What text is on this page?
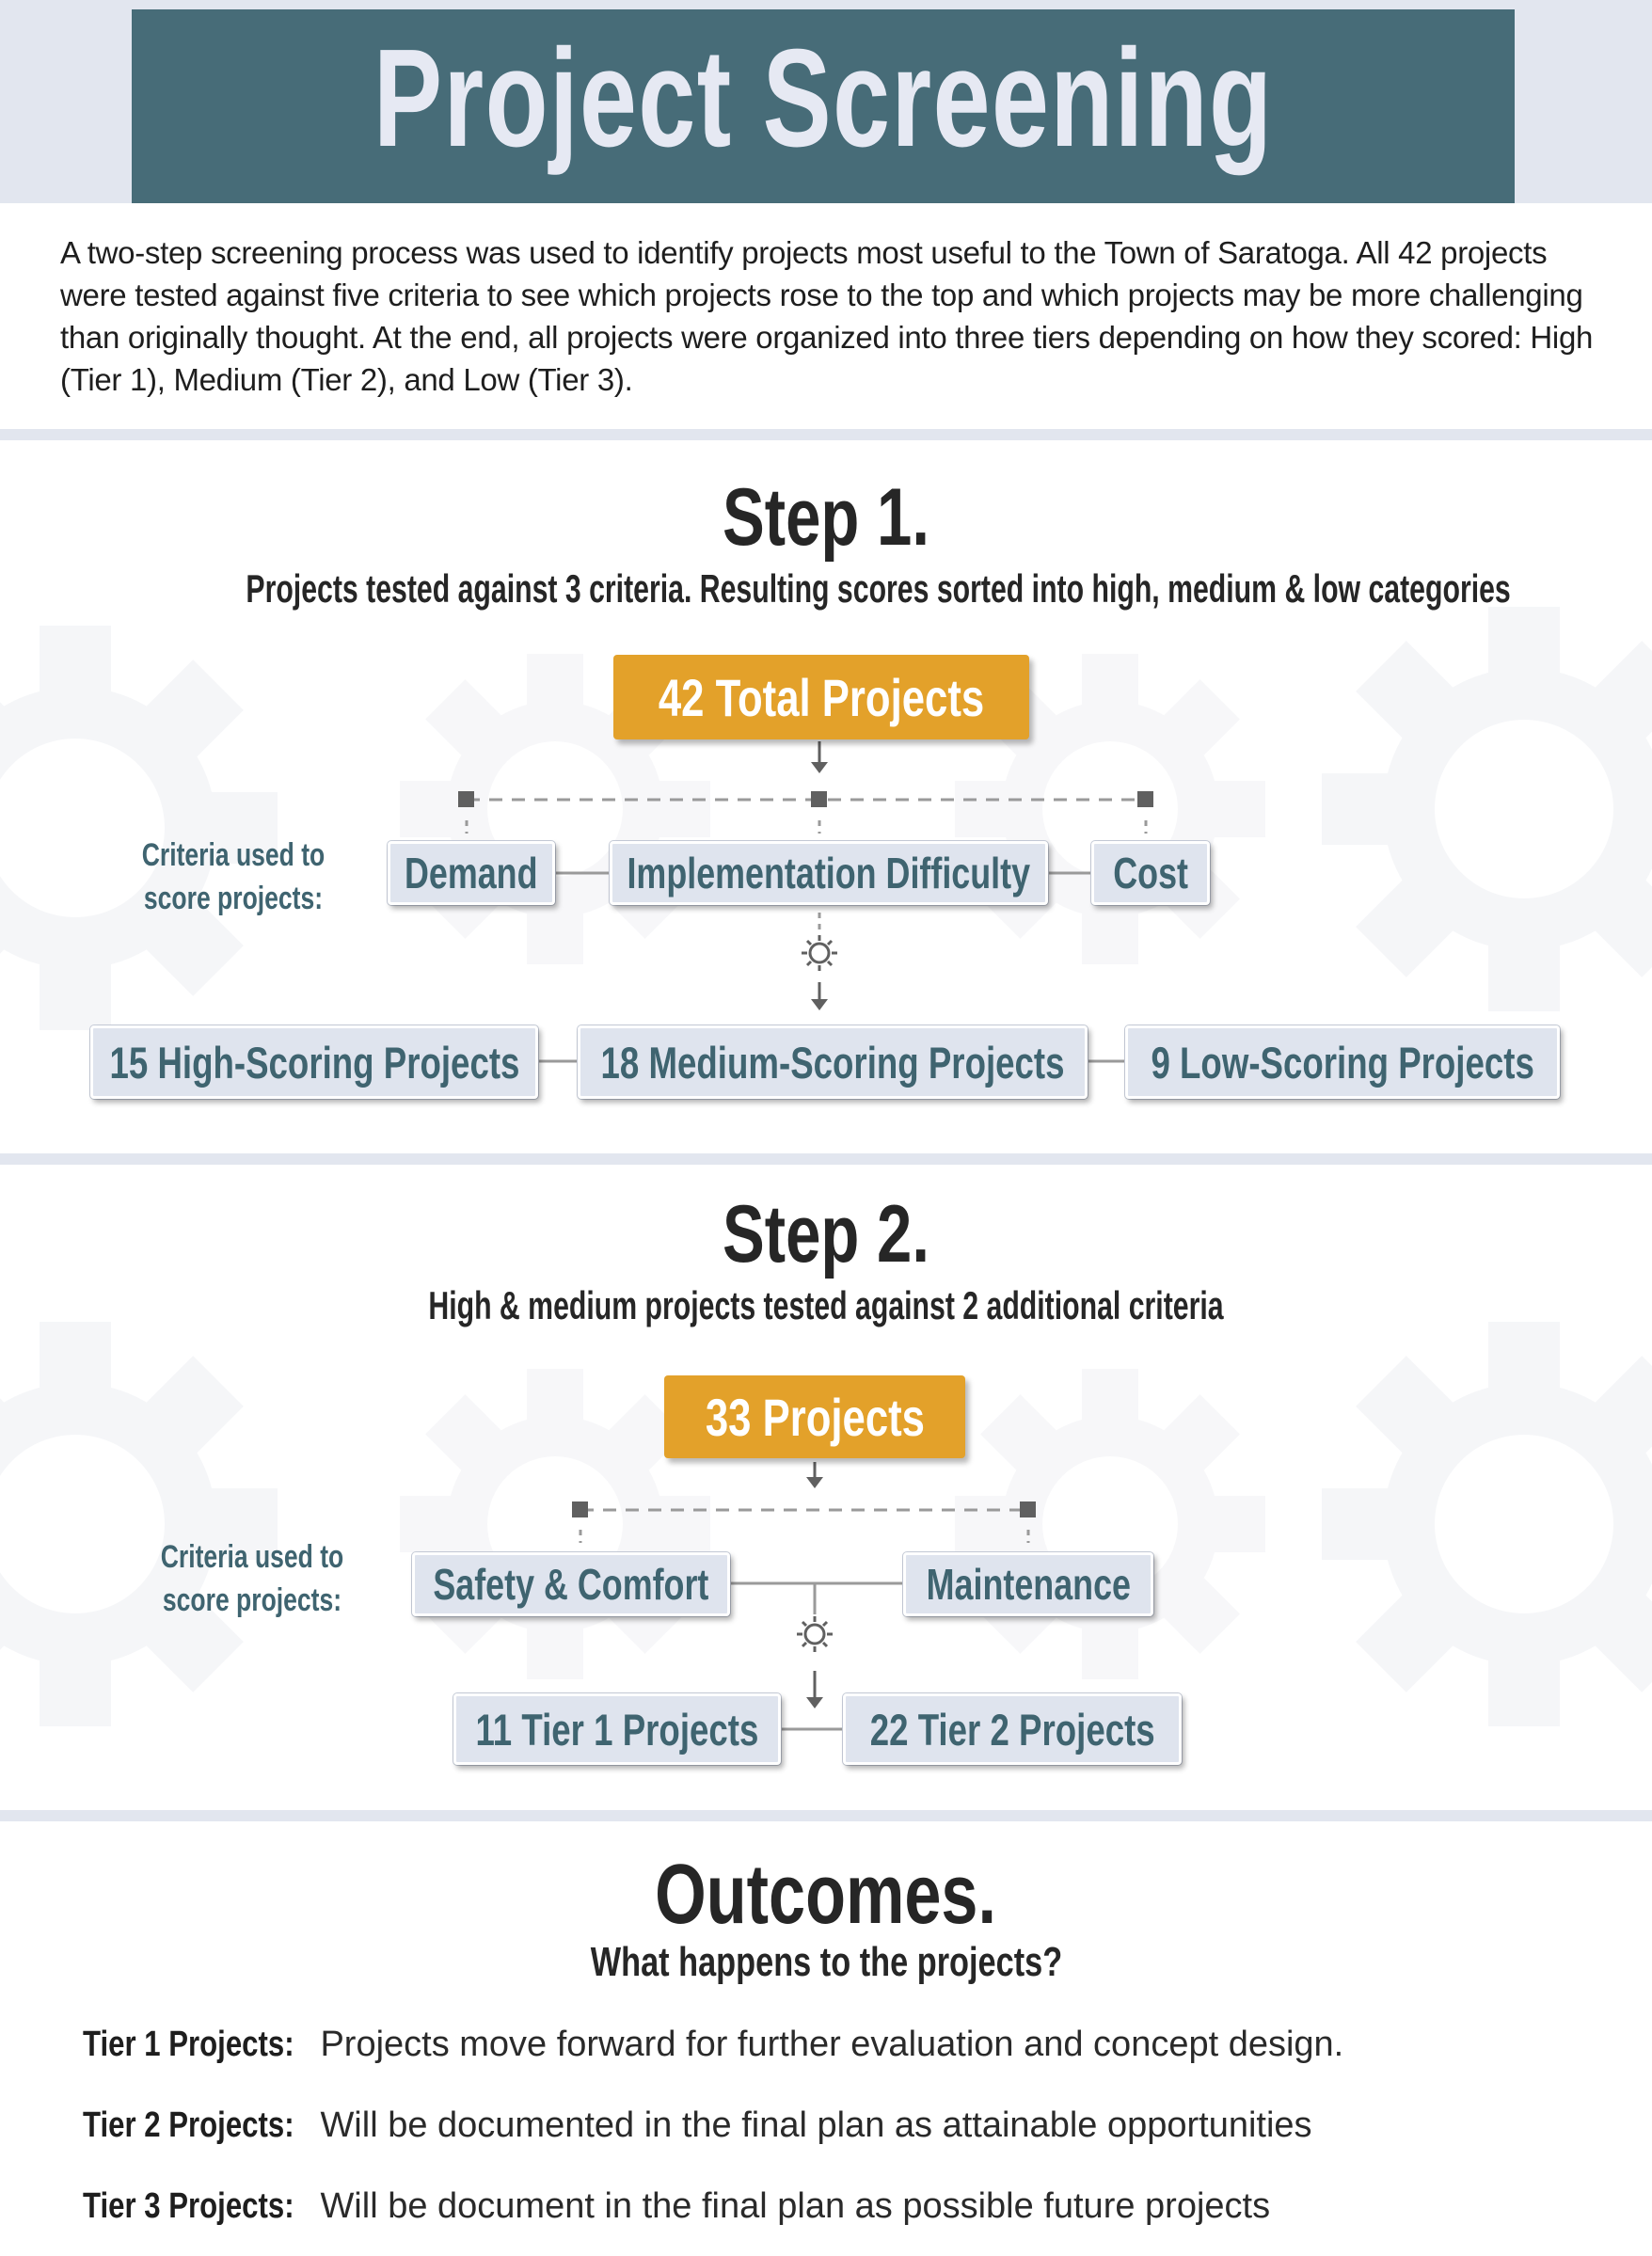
Project Screening

A two-step screening process was used to identify projects most useful to the Town of Saratoga. All 42 projects were tested against five criteria to see which projects rose to the top and which projects may be more challenging than originally thought. At the end, all projects were organized into three tiers depending on how they scored: High (Tier 1), Medium (Tier 2), and Low (Tier 3).

Step 1.
Projects tested against 3 criteria. Resulting scores sorted into high, medium & low categories
42 Total Projects
Criteria used to score projects:
Demand Implementation Difficulty Cost
15 High-Scoring Projects 18 Medium-Scoring Projects 9 Low-Scoring Projects
Step 2.
High & medium projects tested against 2 additional criteria
33 Projects
Criteria used to score projects:	Safety & Comfort	Maintenance
11 Tier 1 Projects	22 Tier 2 Projects
Outcomes.
What happens to the projects?
Tier 1 Projects: Projects move forward for further evaluation and concept design.
Tier 2 Projects: Will be documented in the final plan as attainable opportunities
Tier 3 Projects: Will be document in the final plan as possible future projects
